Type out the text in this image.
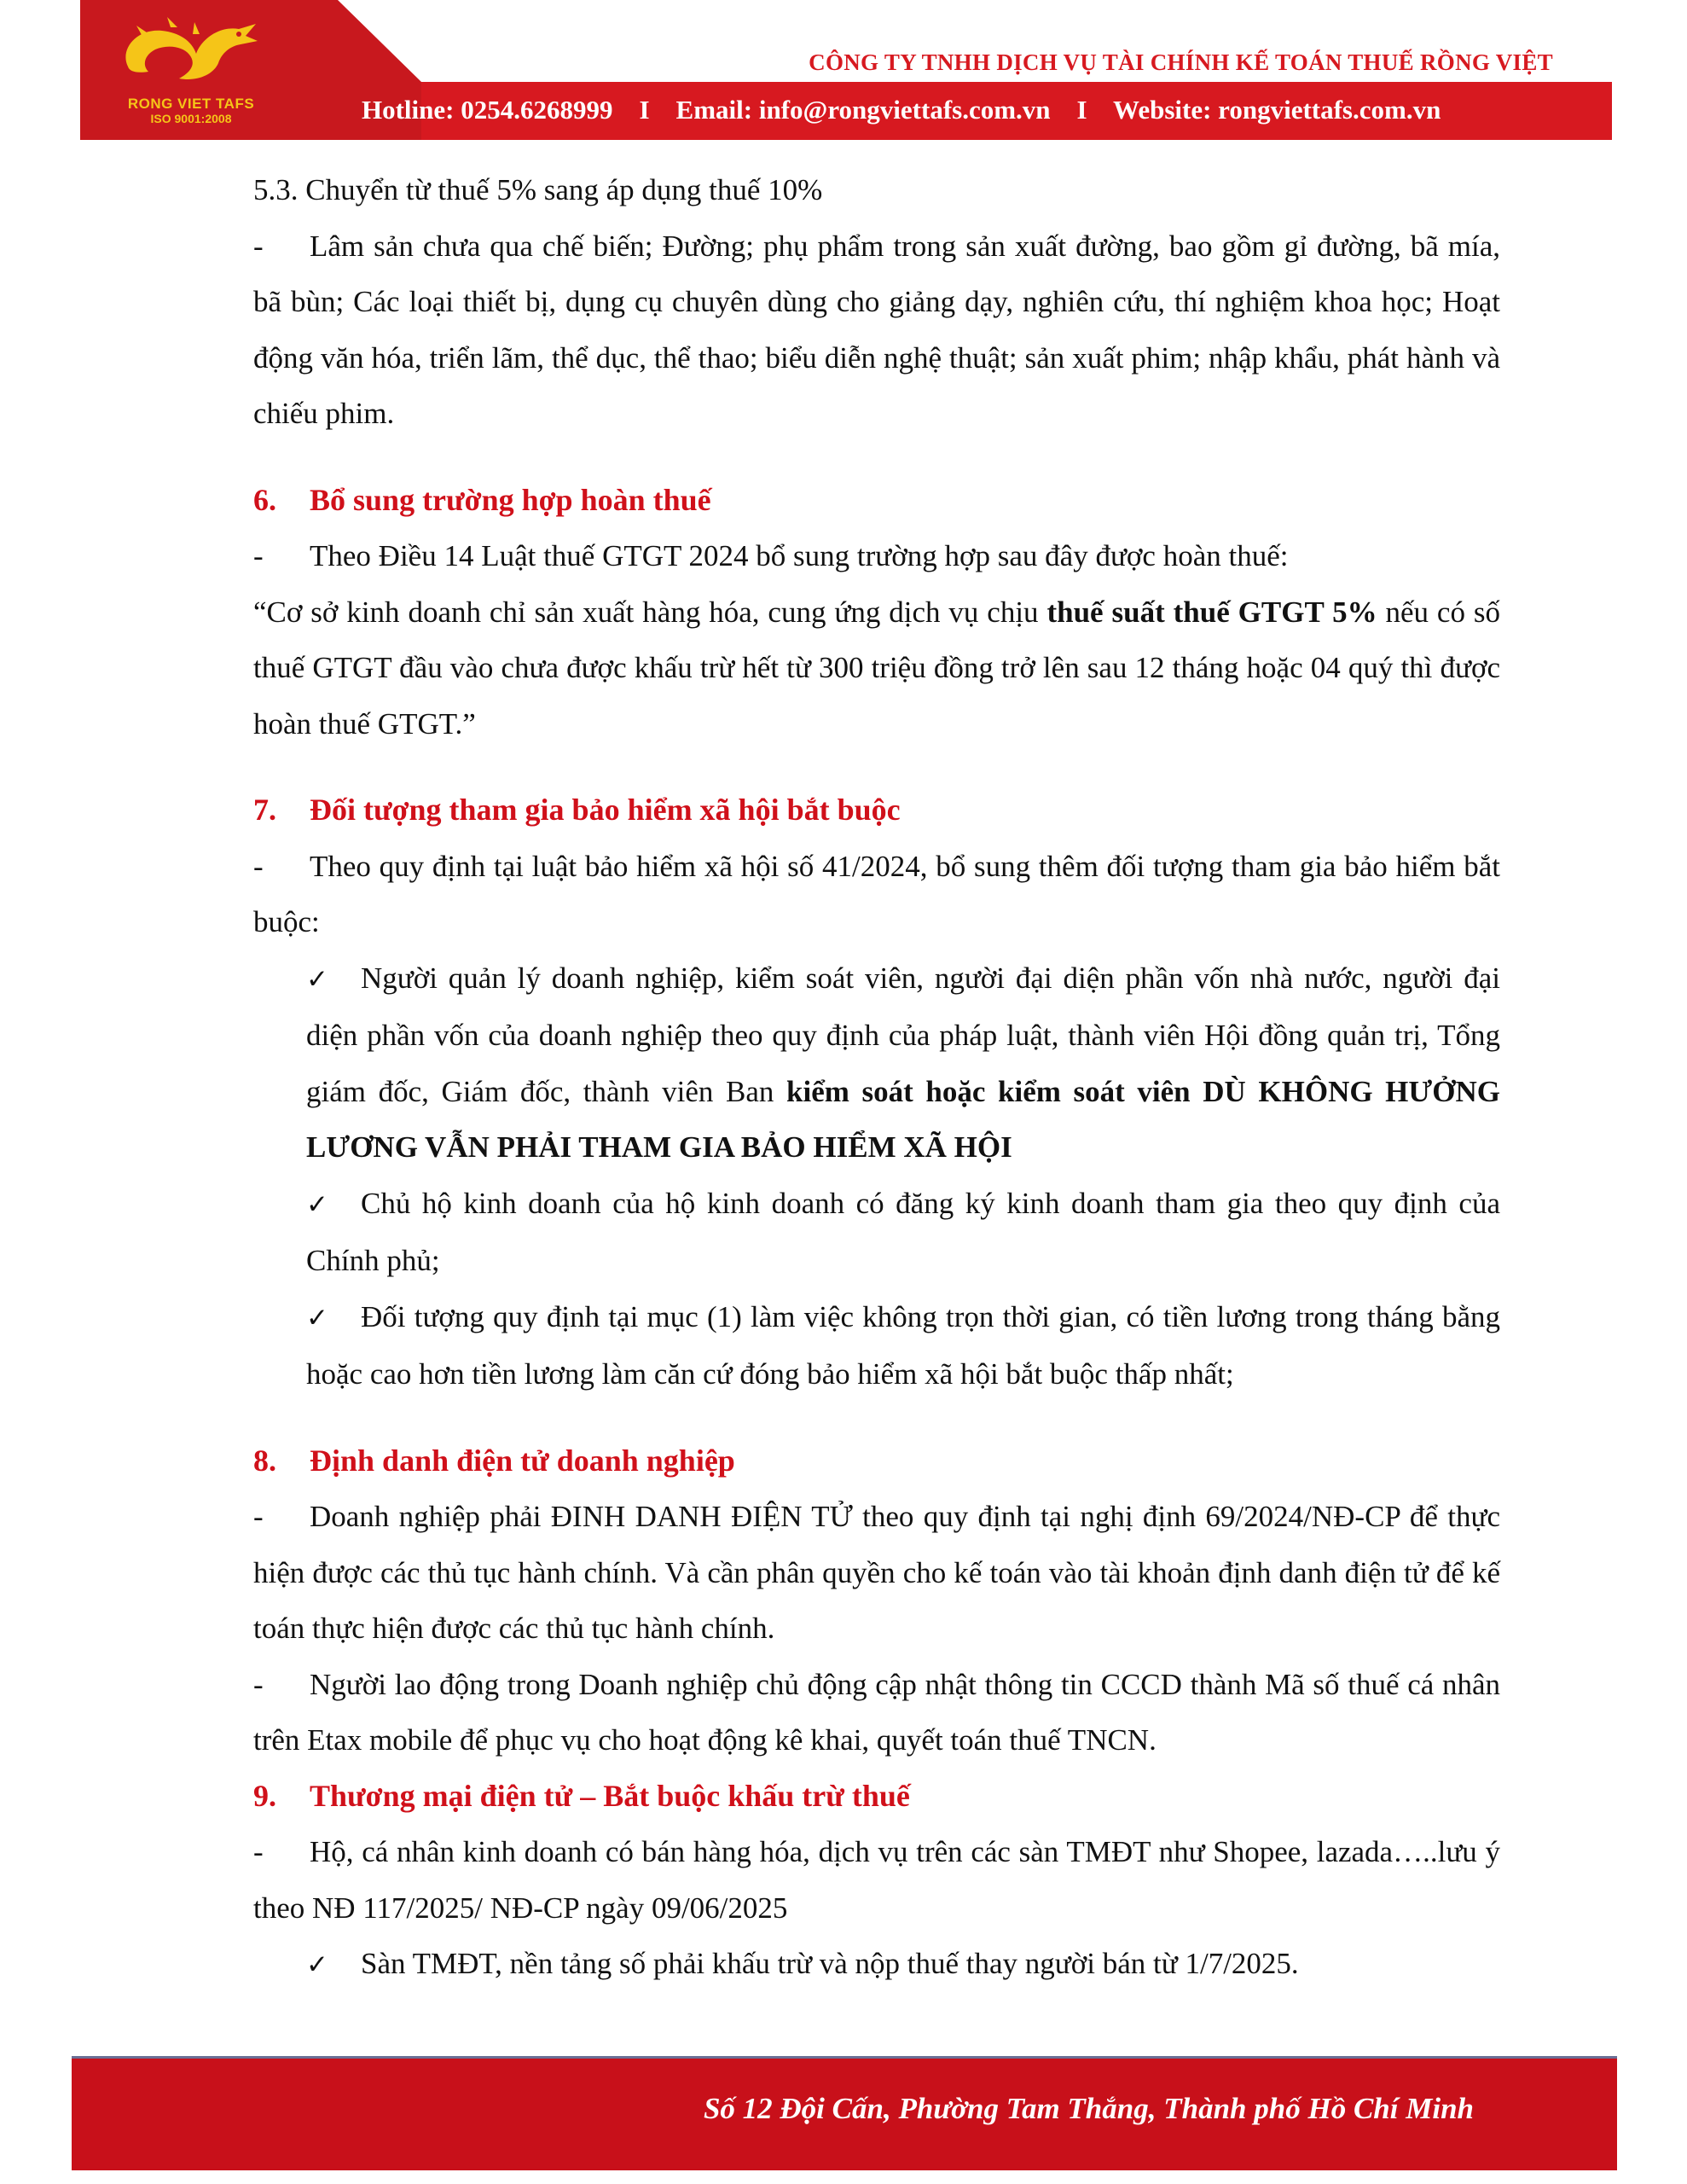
RONG VIET TAFS
ISO 9001:2008
CÔNG TY TNHH DỊCH VỤ TÀI CHÍNH KẾ TOÁN THUẾ RỒNG VIỆT
Hotline: 0254.6268999    I    Email: info@rongviettafs.com.vn    I    Website: rongviettafs.com.vn

5.3. Chuyển từ thuế 5% sang áp dụng thuế 10%

- Lâm sản chưa qua chế biến; Đường; phụ phẩm trong sản xuất đường, bao gồm gỉ đường, bã mía, bã bùn; Các loại thiết bị, dụng cụ chuyên dùng cho giảng dạy, nghiên cứu, thí nghiệm khoa học; Hoạt động văn hóa, triển lãm, thể dục, thể thao; biểu diễn nghệ thuật; sản xuất phim; nhập khẩu, phát hành và chiếu phim.

6. Bổ sung trường hợp hoàn thuế

- Theo Điều 14 Luật thuế GTGT 2024 bổ sung trường hợp sau đây được hoàn thuế:

“Cơ sở kinh doanh chỉ sản xuất hàng hóa, cung ứng dịch vụ chịu thuế suất thuế GTGT 5% nếu có số thuế GTGT đầu vào chưa được khấu trừ hết từ 300 triệu đồng trở lên sau 12 tháng hoặc 04 quý thì được hoàn thuế GTGT.”

7. Đối tượng tham gia bảo hiểm xã hội bắt buộc

- Theo quy định tại luật bảo hiểm xã hội số 41/2024, bổ sung thêm đối tượng tham gia bảo hiểm bắt buộc:

✓ Người quản lý doanh nghiệp, kiểm soát viên, người đại diện phần vốn nhà nước, người đại diện phần vốn của doanh nghiệp theo quy định của pháp luật, thành viên Hội đồng quản trị, Tổng giám đốc, Giám đốc, thành viên Ban kiểm soát hoặc kiểm soát viên DÙ KHÔNG HƯỞNG LƯƠNG VẪN PHẢI THAM GIA BẢO HIỂM XÃ HỘI

✓ Chủ hộ kinh doanh của hộ kinh doanh có đăng ký kinh doanh tham gia theo quy định của Chính phủ;

✓ Đối tượng quy định tại mục (1) làm việc không trọn thời gian, có tiền lương trong tháng bằng hoặc cao hơn tiền lương làm căn cứ đóng bảo hiểm xã hội bắt buộc thấp nhất;

8. Định danh điện tử doanh nghiệp

- Doanh nghiệp phải ĐINH DANH ĐIỆN TỬ theo quy định tại nghị định 69/2024/NĐ-CP để thực hiện được các thủ tục hành chính. Và cần phân quyền cho kế toán vào tài khoản định danh điện tử để kế toán thực hiện được các thủ tục hành chính.

- Người lao động trong Doanh nghiệp chủ động cập nhật thông tin CCCD thành Mã số thuế cá nhân trên Etax mobile để phục vụ cho hoạt động kê khai, quyết toán thuế TNCN.

9. Thương mại điện tử – Bắt buộc khấu trừ thuế

- Hộ, cá nhân kinh doanh có bán hàng hóa, dịch vụ trên các sàn TMĐT như Shopee, lazada…..lưu ý theo NĐ 117/2025/ NĐ-CP ngày 09/06/2025

✓ Sàn TMĐT, nền tảng số phải khấu trừ và nộp thuế thay người bán từ 1/7/2025.

Số 12 Đội Cấn, Phường Tam Thắng, Thành phố Hồ Chí Minh
